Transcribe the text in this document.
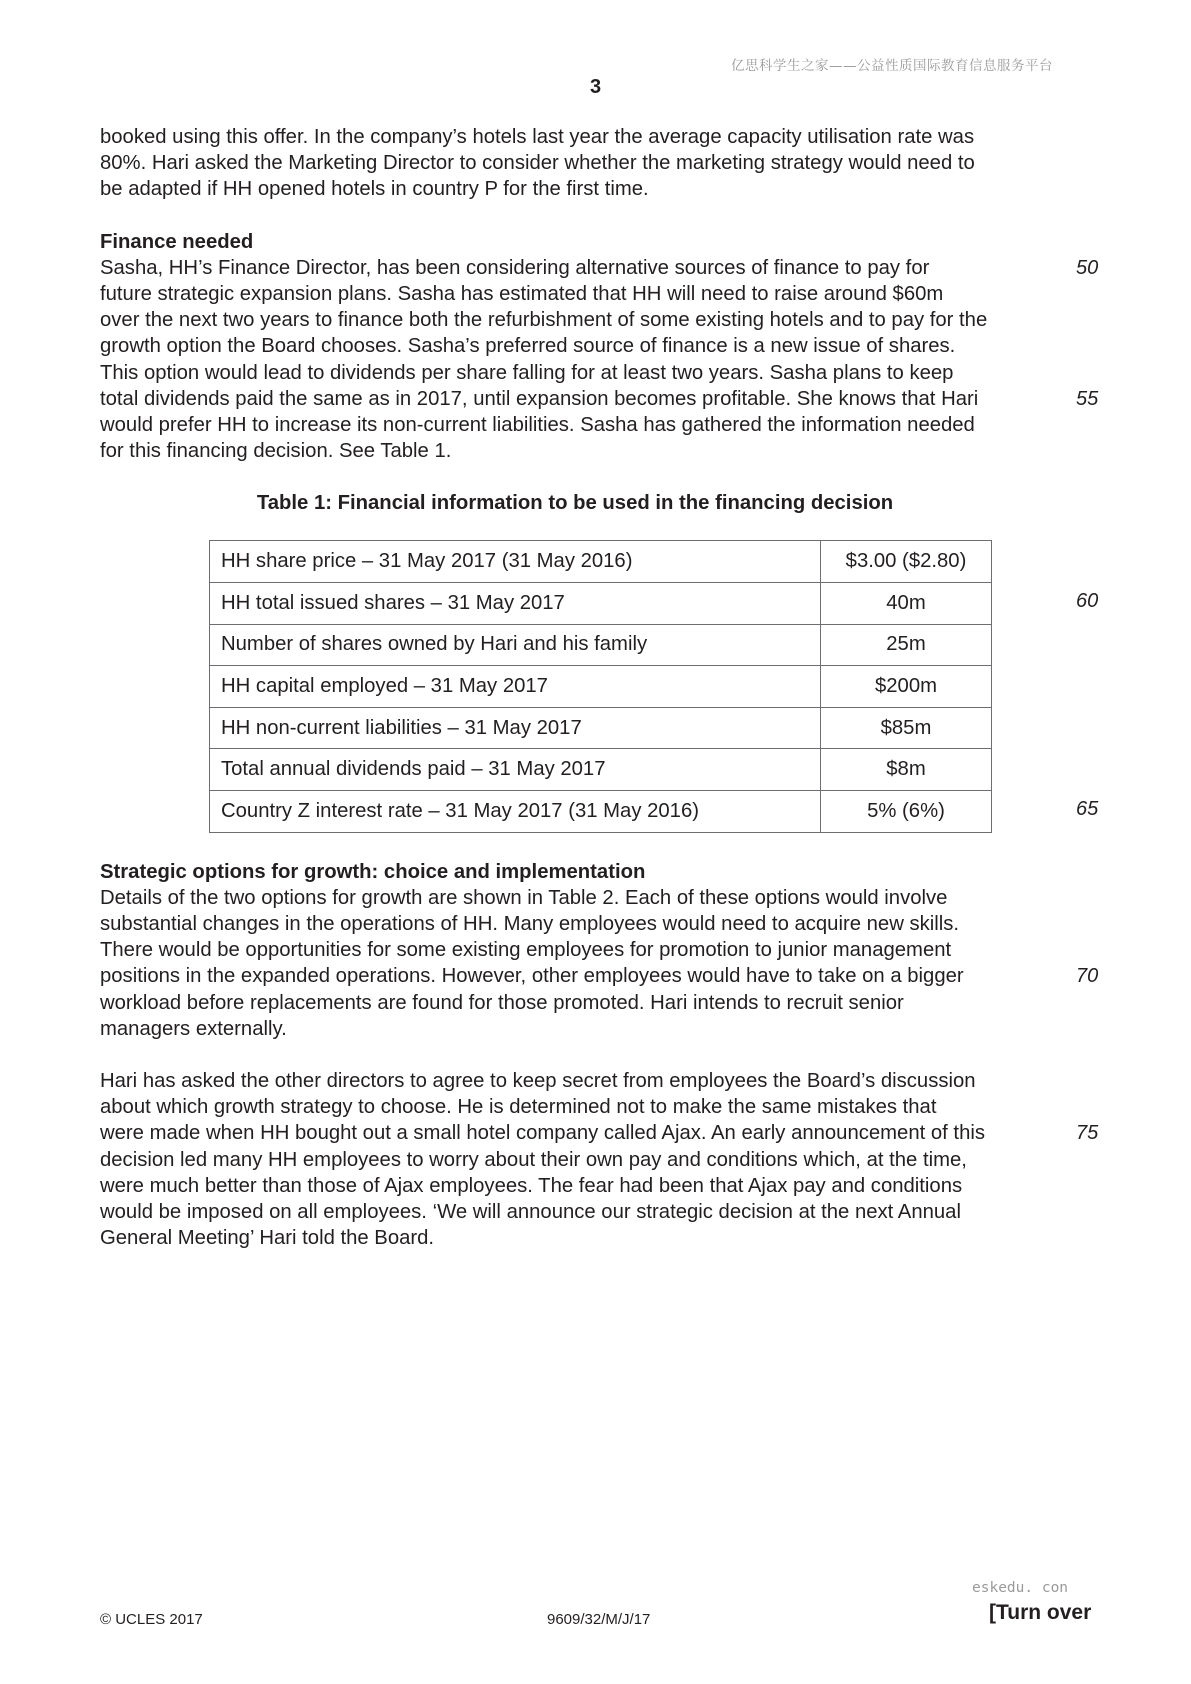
亿思科学生之家——公益性质国际教育信息服务平台
3

booked using this offer. In the company’s hotels last year the average capacity utilisation rate was
80%. Hari asked the Marketing Director to consider whether the marketing strategy would need to
be adapted if HH opened hotels in country P for the first time.

Finance needed

Sasha, HH’s Finance Director, has been considering alternative sources of finance to pay for	50
future strategic expansion plans. Sasha has estimated that HH will need to raise around $60m
over the next two years to finance both the refurbishment of some existing hotels and to pay for the
growth option the Board chooses. Sasha’s preferred source of finance is a new issue of shares.
This option would lead to dividends per share falling for at least two years. Sasha plans to keep
total dividends paid the same as in 2017, until expansion becomes profitable. She knows that Hari	55
would prefer HH to increase its non-current liabilities. Sasha has gathered the information needed
for this financing decision. See Table 1.

Table 1: Financial information to be used in the financing decision
HH share price – 31 May 2017 (31 May 2016)	$3.00 ($2.80)
HH total issued shares – 31 May 2017	40m
Number of shares owned by Hari and his family	25m
HH capital employed – 31 May 2017	$200m
HH non-current liabilities – 31 May 2017	$85m
Total annual dividends paid – 31 May 2017	$8m
Country Z interest rate – 31 May 2017 (31 May 2016)	5% (6%)
60
65
Strategic options for growth: choice and implementation

Details of the two options for growth are shown in Table 2. Each of these options would involve
substantial changes in the operations of HH. Many employees would need to acquire new skills.
There would be opportunities for some existing employees for promotion to junior management
positions in the expanded operations. However, other employees would have to take on a bigger	70
workload before replacements are found for those promoted. Hari intends to recruit senior
managers externally.

Hari has asked the other directors to agree to keep secret from employees the Board’s discussion
about which growth strategy to choose. He is determined not to make the same mistakes that
were made when HH bought out a small hotel company called Ajax. An early announcement of this	75
decision led many HH employees to worry about their own pay and conditions which, at the time,
were much better than those of Ajax employees. The fear had been that Ajax pay and conditions
would be imposed on all employees. ‘We will announce our strategic decision at the next Annual
General Meeting’ Hari told the Board.

eskedu. con
© UCLES 2017	9609/32/M/J/17	[Turn over
